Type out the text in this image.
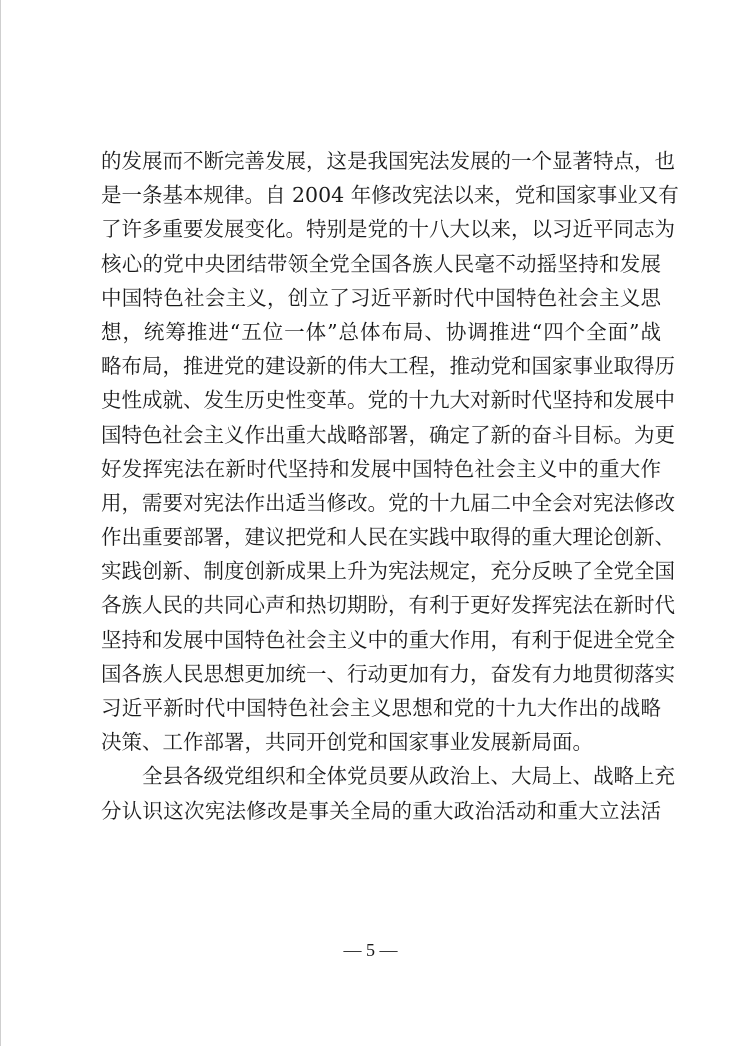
的发展而不断完善发展，这是我国宪法发展的一个显著特点，也
是一条基本规律。自 2004 年修改宪法以来，党和国家事业又有
了许多重要发展变化。特别是党的十八大以来，以习近平同志为
核心的党中央团结带领全党全国各族人民毫不动摇坚持和发展
中国特色社会主义，创立了习近平新时代中国特色社会主义思
想，统筹推进“五位一体”总体布局、协调推进“四个全面”战
略布局，推进党的建设新的伟大工程，推动党和国家事业取得历
史性成就、发生历史性变革。党的十九大对新时代坚持和发展中
国特色社会主义作出重大战略部署，确定了新的奋斗目标。为更
好发挥宪法在新时代坚持和发展中国特色社会主义中的重大作
用，需要对宪法作出适当修改。党的十九届二中全会对宪法修改
作出重要部署，建议把党和人民在实践中取得的重大理论创新、
实践创新、制度创新成果上升为宪法规定，充分反映了全党全国
各族人民的共同心声和热切期盼，有利于更好发挥宪法在新时代
坚持和发展中国特色社会主义中的重大作用，有利于促进全党全
国各族人民思想更加统一、行动更加有力，奋发有力地贯彻落实
习近平新时代中国特色社会主义思想和党的十九大作出的战略
决策、工作部署，共同开创党和国家事业发展新局面。
全县各级党组织和全体党员要从政治上、大局上、战略上充
分认识这次宪法修改是事关全局的重大政治活动和重大立法活
— 5 —
